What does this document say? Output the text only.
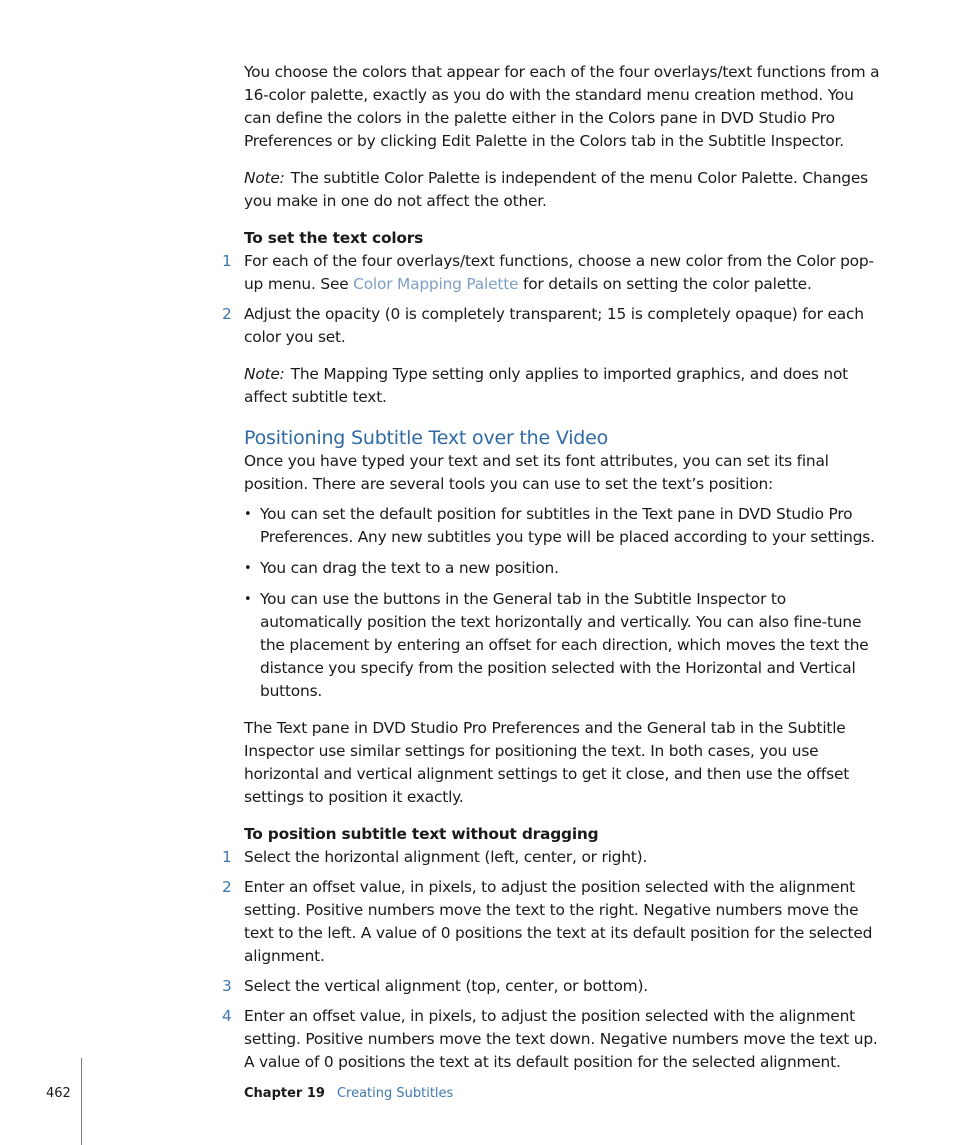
You choose the colors that appear for each of the four overlays/text functions from a 16-color palette, exactly as you do with the standard menu creation method. You can define the colors in the palette either in the Colors pane in DVD Studio Pro Preferences or by clicking Edit Palette in the Colors tab in the Subtitle Inspector.

Note: The subtitle Color Palette is independent of the menu Color Palette. Changes you make in one do not affect the other.

To set the text colors
1 For each of the four overlays/text functions, choose a new color from the Color pop-up menu. See Color Mapping Palette for details on setting the color palette.
2 Adjust the opacity (0 is completely transparent; 15 is completely opaque) for each color you set.

Note: The Mapping Type setting only applies to imported graphics, and does not affect subtitle text.

Positioning Subtitle Text over the Video

Once you have typed your text and set its font attributes, you can set its final position. There are several tools you can use to set the text’s position:

• You can set the default position for subtitles in the Text pane in DVD Studio Pro Preferences. Any new subtitles you type will be placed according to your settings.
• You can drag the text to a new position.
• You can use the buttons in the General tab in the Subtitle Inspector to automatically position the text horizontally and vertically. You can also fine-tune the placement by entering an offset for each direction, which moves the text the distance you specify from the position selected with the Horizontal and Vertical buttons.

The Text pane in DVD Studio Pro Preferences and the General tab in the Subtitle Inspector use similar settings for positioning the text. In both cases, you use horizontal and vertical alignment settings to get it close, and then use the offset settings to position it exactly.

To position subtitle text without dragging
1 Select the horizontal alignment (left, center, or right).
2 Enter an offset value, in pixels, to adjust the position selected with the alignment setting. Positive numbers move the text to the right. Negative numbers move the text to the left. A value of 0 positions the text at its default position for the selected alignment.
3 Select the vertical alignment (top, center, or bottom).
4 Enter an offset value, in pixels, to adjust the position selected with the alignment setting. Positive numbers move the text down. Negative numbers move the text up. A value of 0 positions the text at its default position for the selected alignment.
462	Chapter 19 Creating Subtitles
